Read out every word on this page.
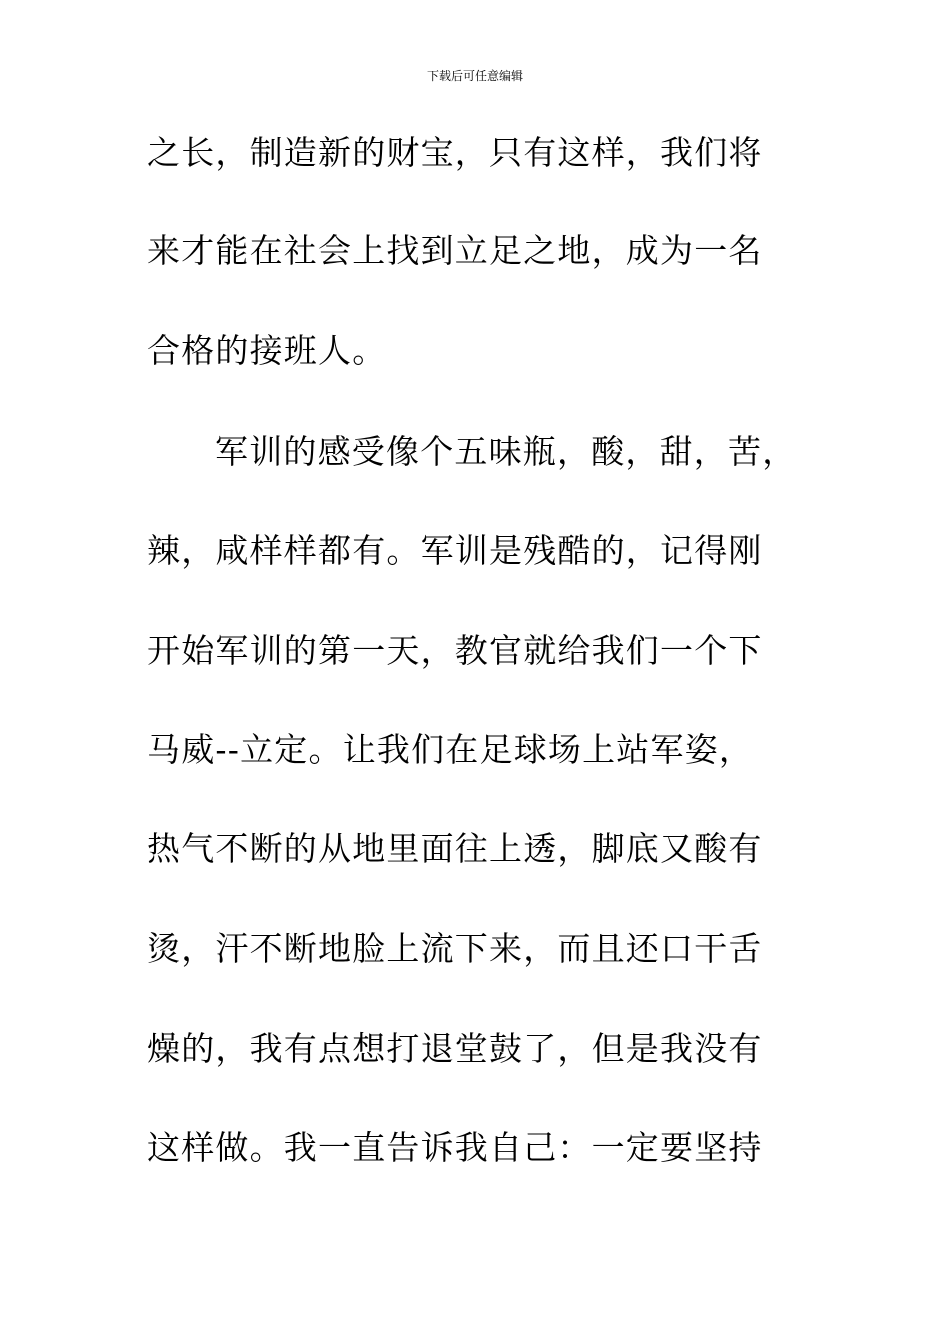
下载后可任意编辑
之长，制造新的财宝，只有这样，我们将
来才能在社会上找到立足之地，成为一名
合格的接班人。
军训的感受像个五味瓶，酸，甜，苦，
辣，咸样样都有。军训是残酷的，记得刚
开始军训的第一天，教官就给我们一个下
马威--立定。让我们在足球场上站军姿，
热气不断的从地里面往上透，脚底又酸有
烫，汗不断地脸上流下来，而且还口干舌
燥的，我有点想打退堂鼓了，但是我没有
这样做。我一直告诉我自己：一定要坚持
